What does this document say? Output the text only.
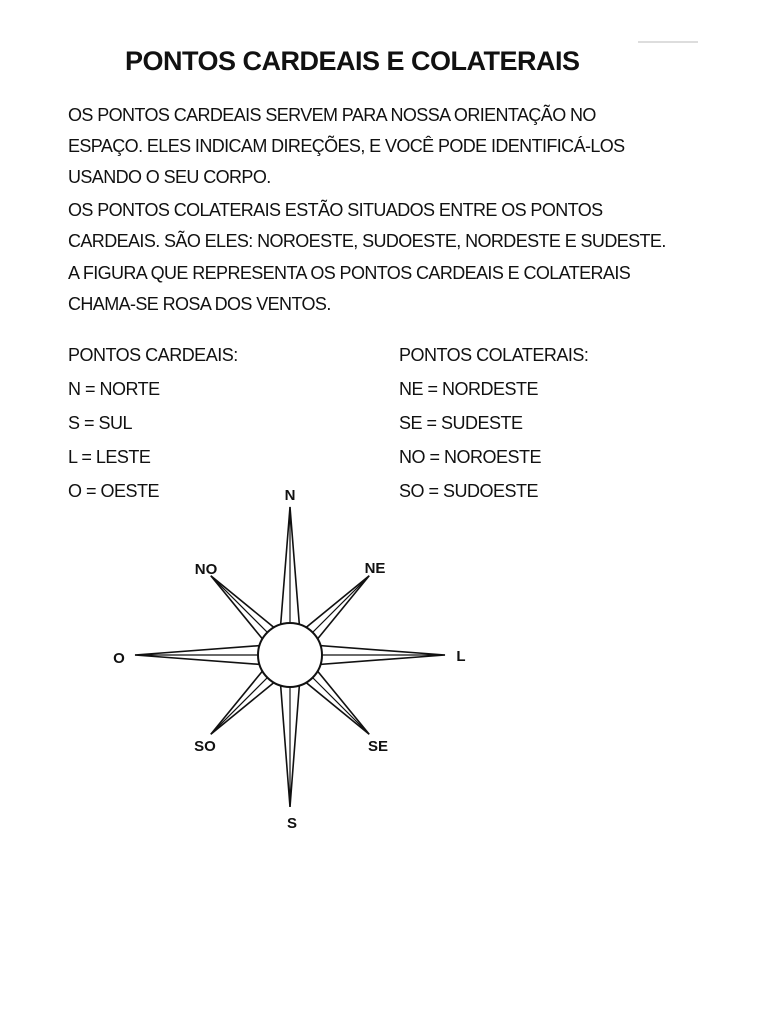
PONTOS CARDEAIS E COLATERAIS
OS PONTOS CARDEAIS SERVEM PARA NOSSA ORIENTAÇÃO NO
ESPAÇO. ELES INDICAM DIREÇÕES, E VOCÊ PODE IDENTIFICÁ-LOS
USANDO O SEU CORPO.
OS PONTOS COLATERAIS ESTÃO SITUADOS ENTRE OS PONTOS
CARDEAIS. SÃO ELES: NOROESTE, SUDOESTE, NORDESTE E SUDESTE.
A FIGURA QUE REPRESENTA OS PONTOS CARDEAIS E COLATERAIS
CHAMA-SE ROSA DOS VENTOS.
PONTOS CARDEAIS:
N = NORTE
S = SUL
L = LESTE
O = OESTE
PONTOS COLATERAIS:
NE = NORDESTE
SE = SUDESTE
NO = NOROESTE
SO = SUDOESTE
N
S
L
O
NE
NO
SE
SO
